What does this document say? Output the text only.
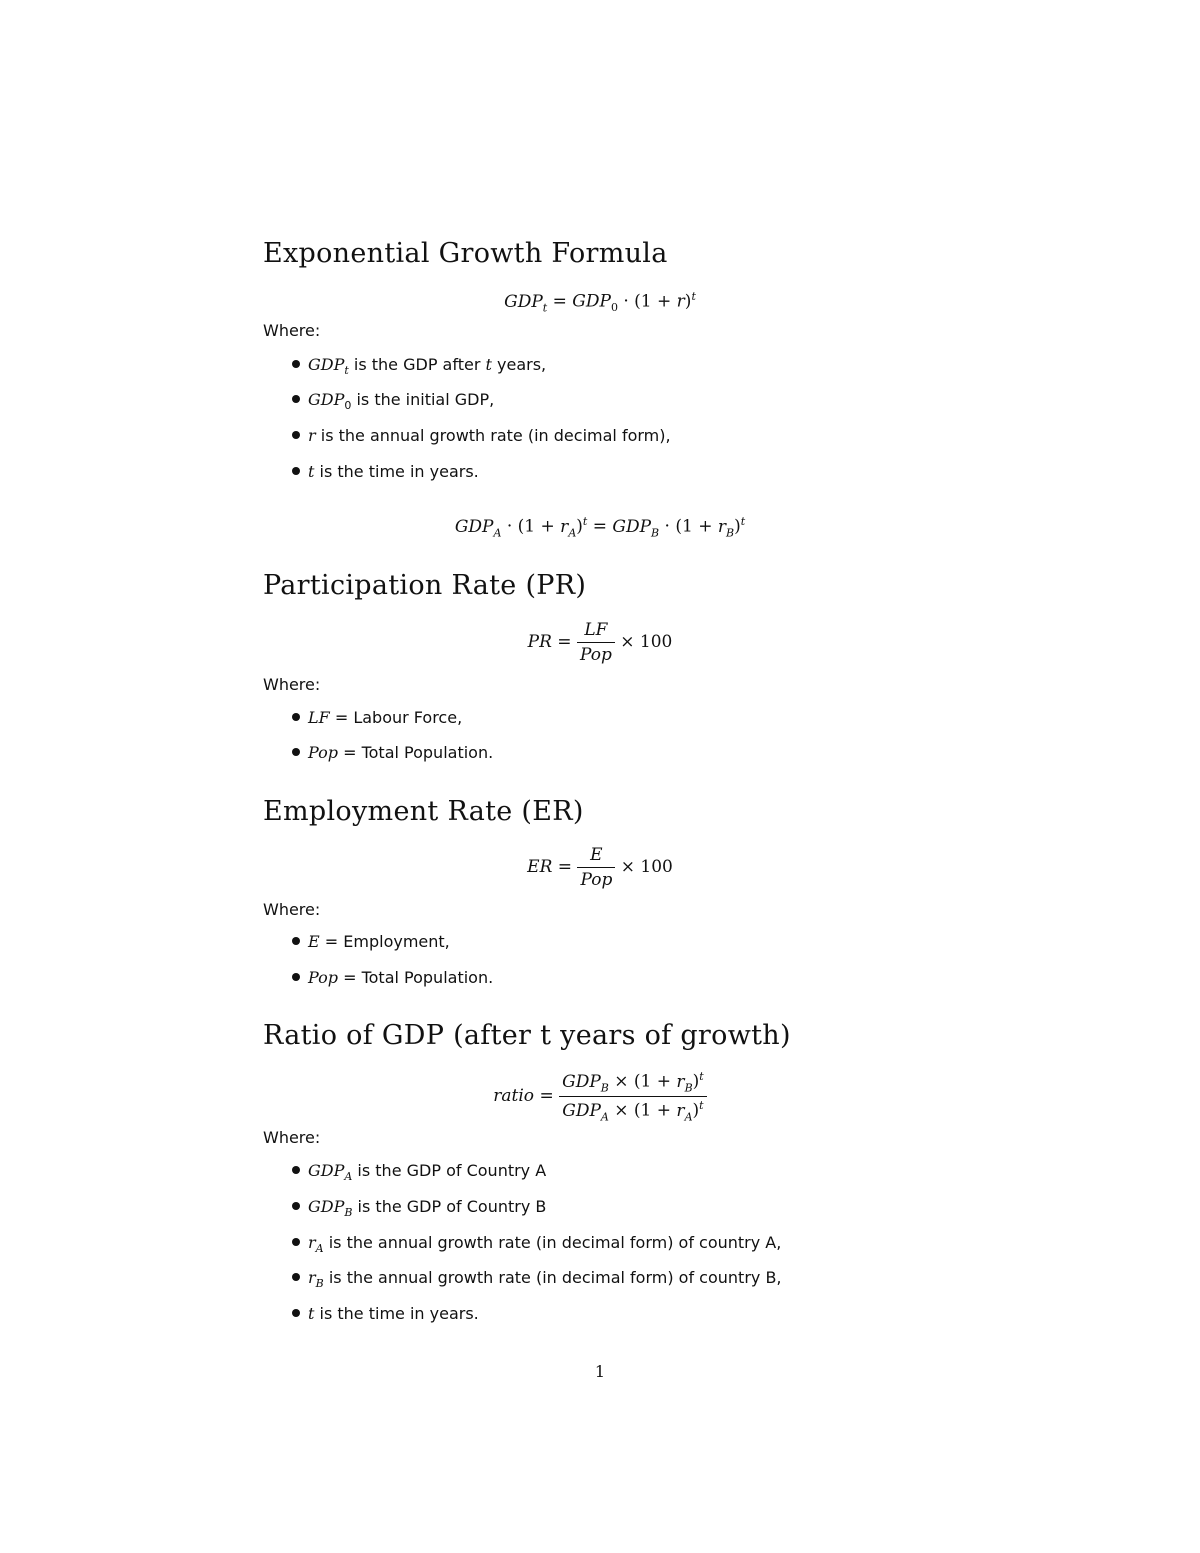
Exponential Growth Formula
$GDP_t = GDP_0 \cdot (1 + r)^t$
Where:
$GDP_t$ is the GDP after t years,
$GDP_0$ is the initial GDP,
r is the annual growth rate (in decimal form),
t is the time in years.
$GDP_A \cdot (1 + r_A)^t = GDP_B \cdot (1 + r_B)^t$
Participation Rate (PR)
PR = $\frac{LF}{\text{Pop}} \times 100$
Where:
LF = Labour Force,
Pop = Total Population.
Employment Rate (ER)
ER = $\frac{E}{\text{Pop}} \times 100$
Where:
E = Employment,
Pop = Total Population.
Ratio of GDP (after t years of growth)
ratio = $\frac{GDP_B \times (1 + r_B)^t}{GDP_A \times (1 + r_A)^t}$
Where:
$GDP_A$ is the GDP of Country A
$GDP_B$ is the GDP of Country B
$r_A$ is the annual growth rate (in decimal form) of country A,
$r_B$ is the annual growth rate (in decimal form) of country B,
t is the time in years.
1
